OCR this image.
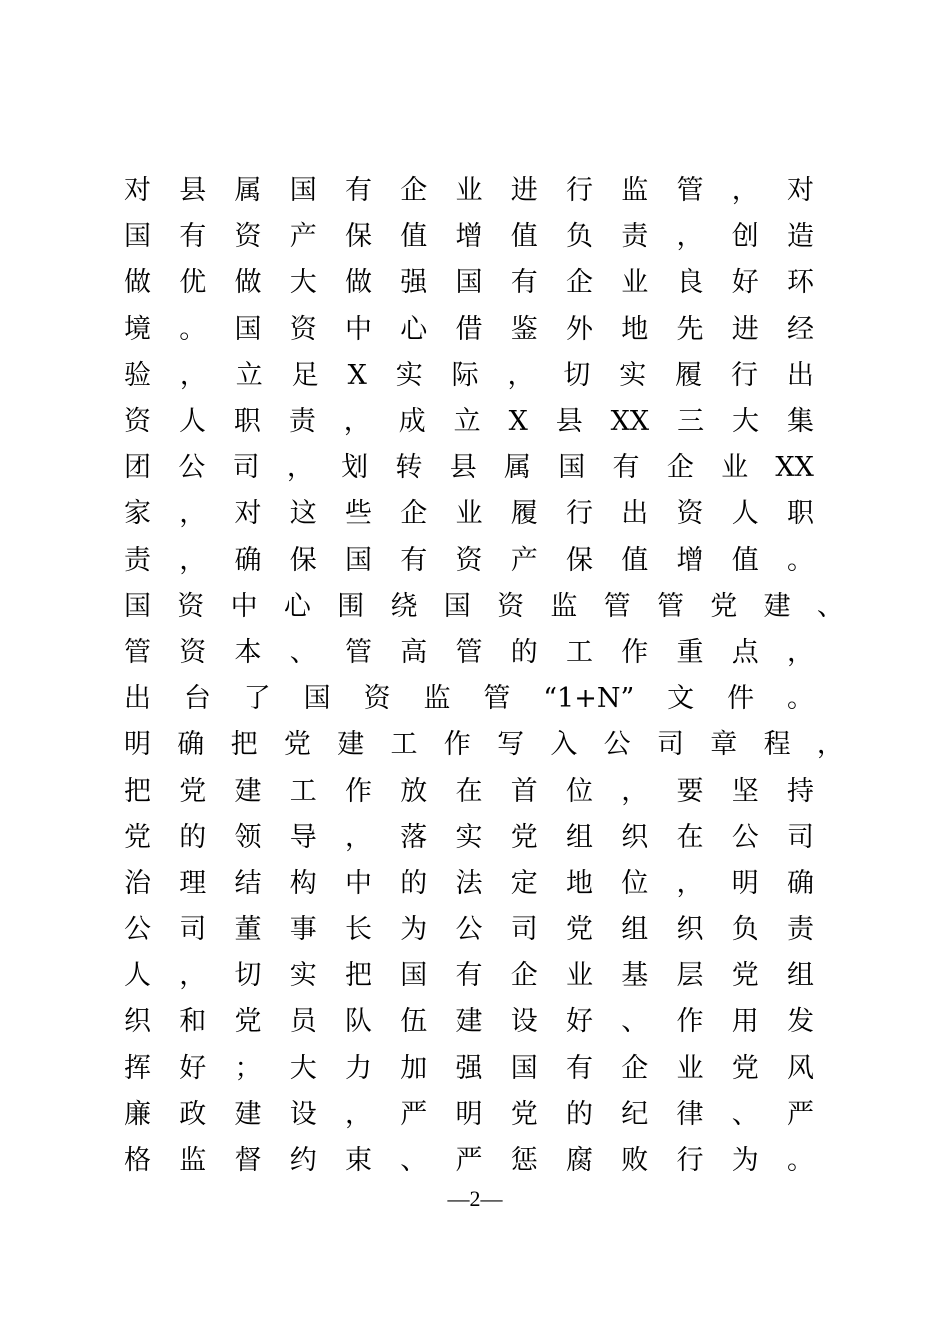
对 县 属 国 有 企 业 进 行 监 管 ， 对
国 有 资 产 保 值 增 值 负 责 ， 创 造
做 优 做 大 做 强 国 有 企 业 良 好 环
境 。 国 资 中 心 借 鉴 外 地 先 进 经
验 ， 立 足 X 实 际 ， 切 实 履 行 出
资 人 职 责 ， 成 立 X 县 XX 三 大 集
团 公 司 ， 划 转 县 属 国 有 企 业 XX
家 ， 对 这 些 企 业 履 行 出 资 人 职
责 ， 确 保 国 有 资 产 保 值 增 值 。
国 资 中 心 围 绕 国 资 监 管 管 党 建 、
管 资 本 、 管 高 管 的 工 作 重 点 ，
出 台 了 国 资 监 管 “1+N” 文 件 。
明 确 把 党 建 工 作 写 入 公 司 章 程 ，
把 党 建 工 作 放 在 首 位 ， 要 坚 持
党 的 领 导 ， 落 实 党 组 织 在 公 司
治 理 结 构 中 的 法 定 地 位 ， 明 确
公 司 董 事 长 为 公 司 党 组 织 负 责
人 ， 切 实 把 国 有 企 业 基 层 党 组
织 和 党 员 队 伍 建 设 好 、 作 用 发
挥 好 ； 大 力 加 强 国 有 企 业 党 风
廉 政 建 设 ， 严 明 党 的 纪 律 、 严
格 监 督 约 束 、 严 惩 腐 败 行 为 。
—2—
